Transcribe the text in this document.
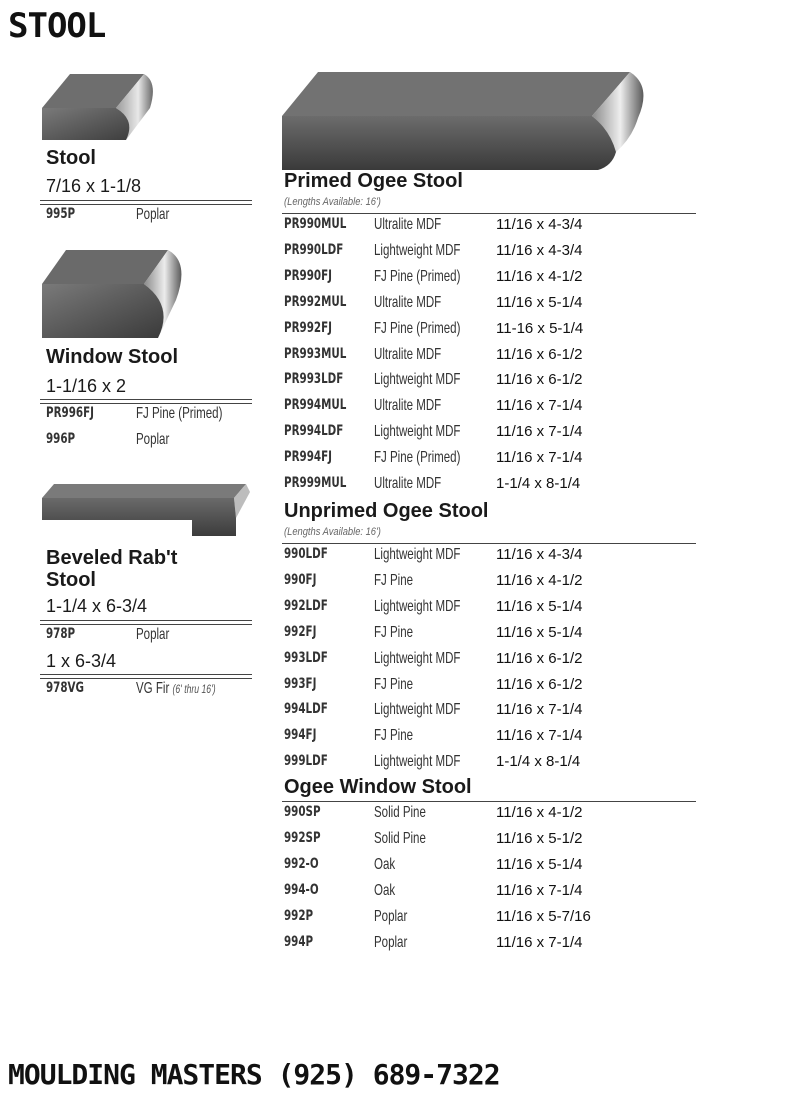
STOOL
Stool
7/16 x 1-1/8
995P	Poplar
Window Stool
1-1/16 x 2
PR996FJ	FJ Pine (Primed)
996P	Poplar
Beveled Rab't
Stool
1-1/4 x 6-3/4
978P	Poplar
1 x 6-3/4
978VG	VG Fir (6' thru 16')
Primed Ogee Stool
(Lengths Available: 16')
PR990MUL Ultralite MDF	11/16 x 4-3/4
PR990LDF Lightweight MDF 11/16 x 4-3/4
PR990FJ	FJ Pine (Primed) 11/16 x 4-1/2
PR992MUL Ultralite MDF	11/16 x 5-1/4
PR992FJ	FJ Pine (Primed) 11-16 x 5-1/4
PR993MUL Ultralite MDF	11/16 x 6-1/2
PR993LDF Lightweight MDF 11/16 x 6-1/2
PR994MUL Ultralite MDF	11/16 x 7-1/4
PR994LDF Lightweight MDF 11/16 x 7-1/4
PR994FJ	FJ Pine (Primed) 11/16 x 7-1/4
PR999MUL Ultralite MDF	1-1/4 x 8-1/4
Unprimed Ogee Stool
(Lengths Available: 16')
990LDF	Lightweight MDF 11/16 x 4-3/4
990FJ	FJ Pine	11/16 x 4-1/2
992LDF	Lightweight MDF 11/16 x 5-1/4
992FJ	FJ Pine	11/16 x 5-1/4
993LDF	Lightweight MDF 11/16 x 6-1/2
993FJ	FJ Pine	11/16 x 6-1/2
994LDF	Lightweight MDF 11/16 x 7-1/4
994FJ	FJ Pine	11/16 x 7-1/4
999LDF	Lightweight MDF 1-1/4 x 8-1/4
Ogee Window Stool
990SP	Solid Pine	11/16 x 4-1/2
992SP	Solid Pine	11/16 x 5-1/2
992-O	Oak	11/16 x 5-1/4
994-O	Oak	11/16 x 7-1/4
992P	Poplar	11/16 x 5-7/16
994P	Poplar	11/16 x 7-1/4
MOULDING MASTERS (925) 689-7322
